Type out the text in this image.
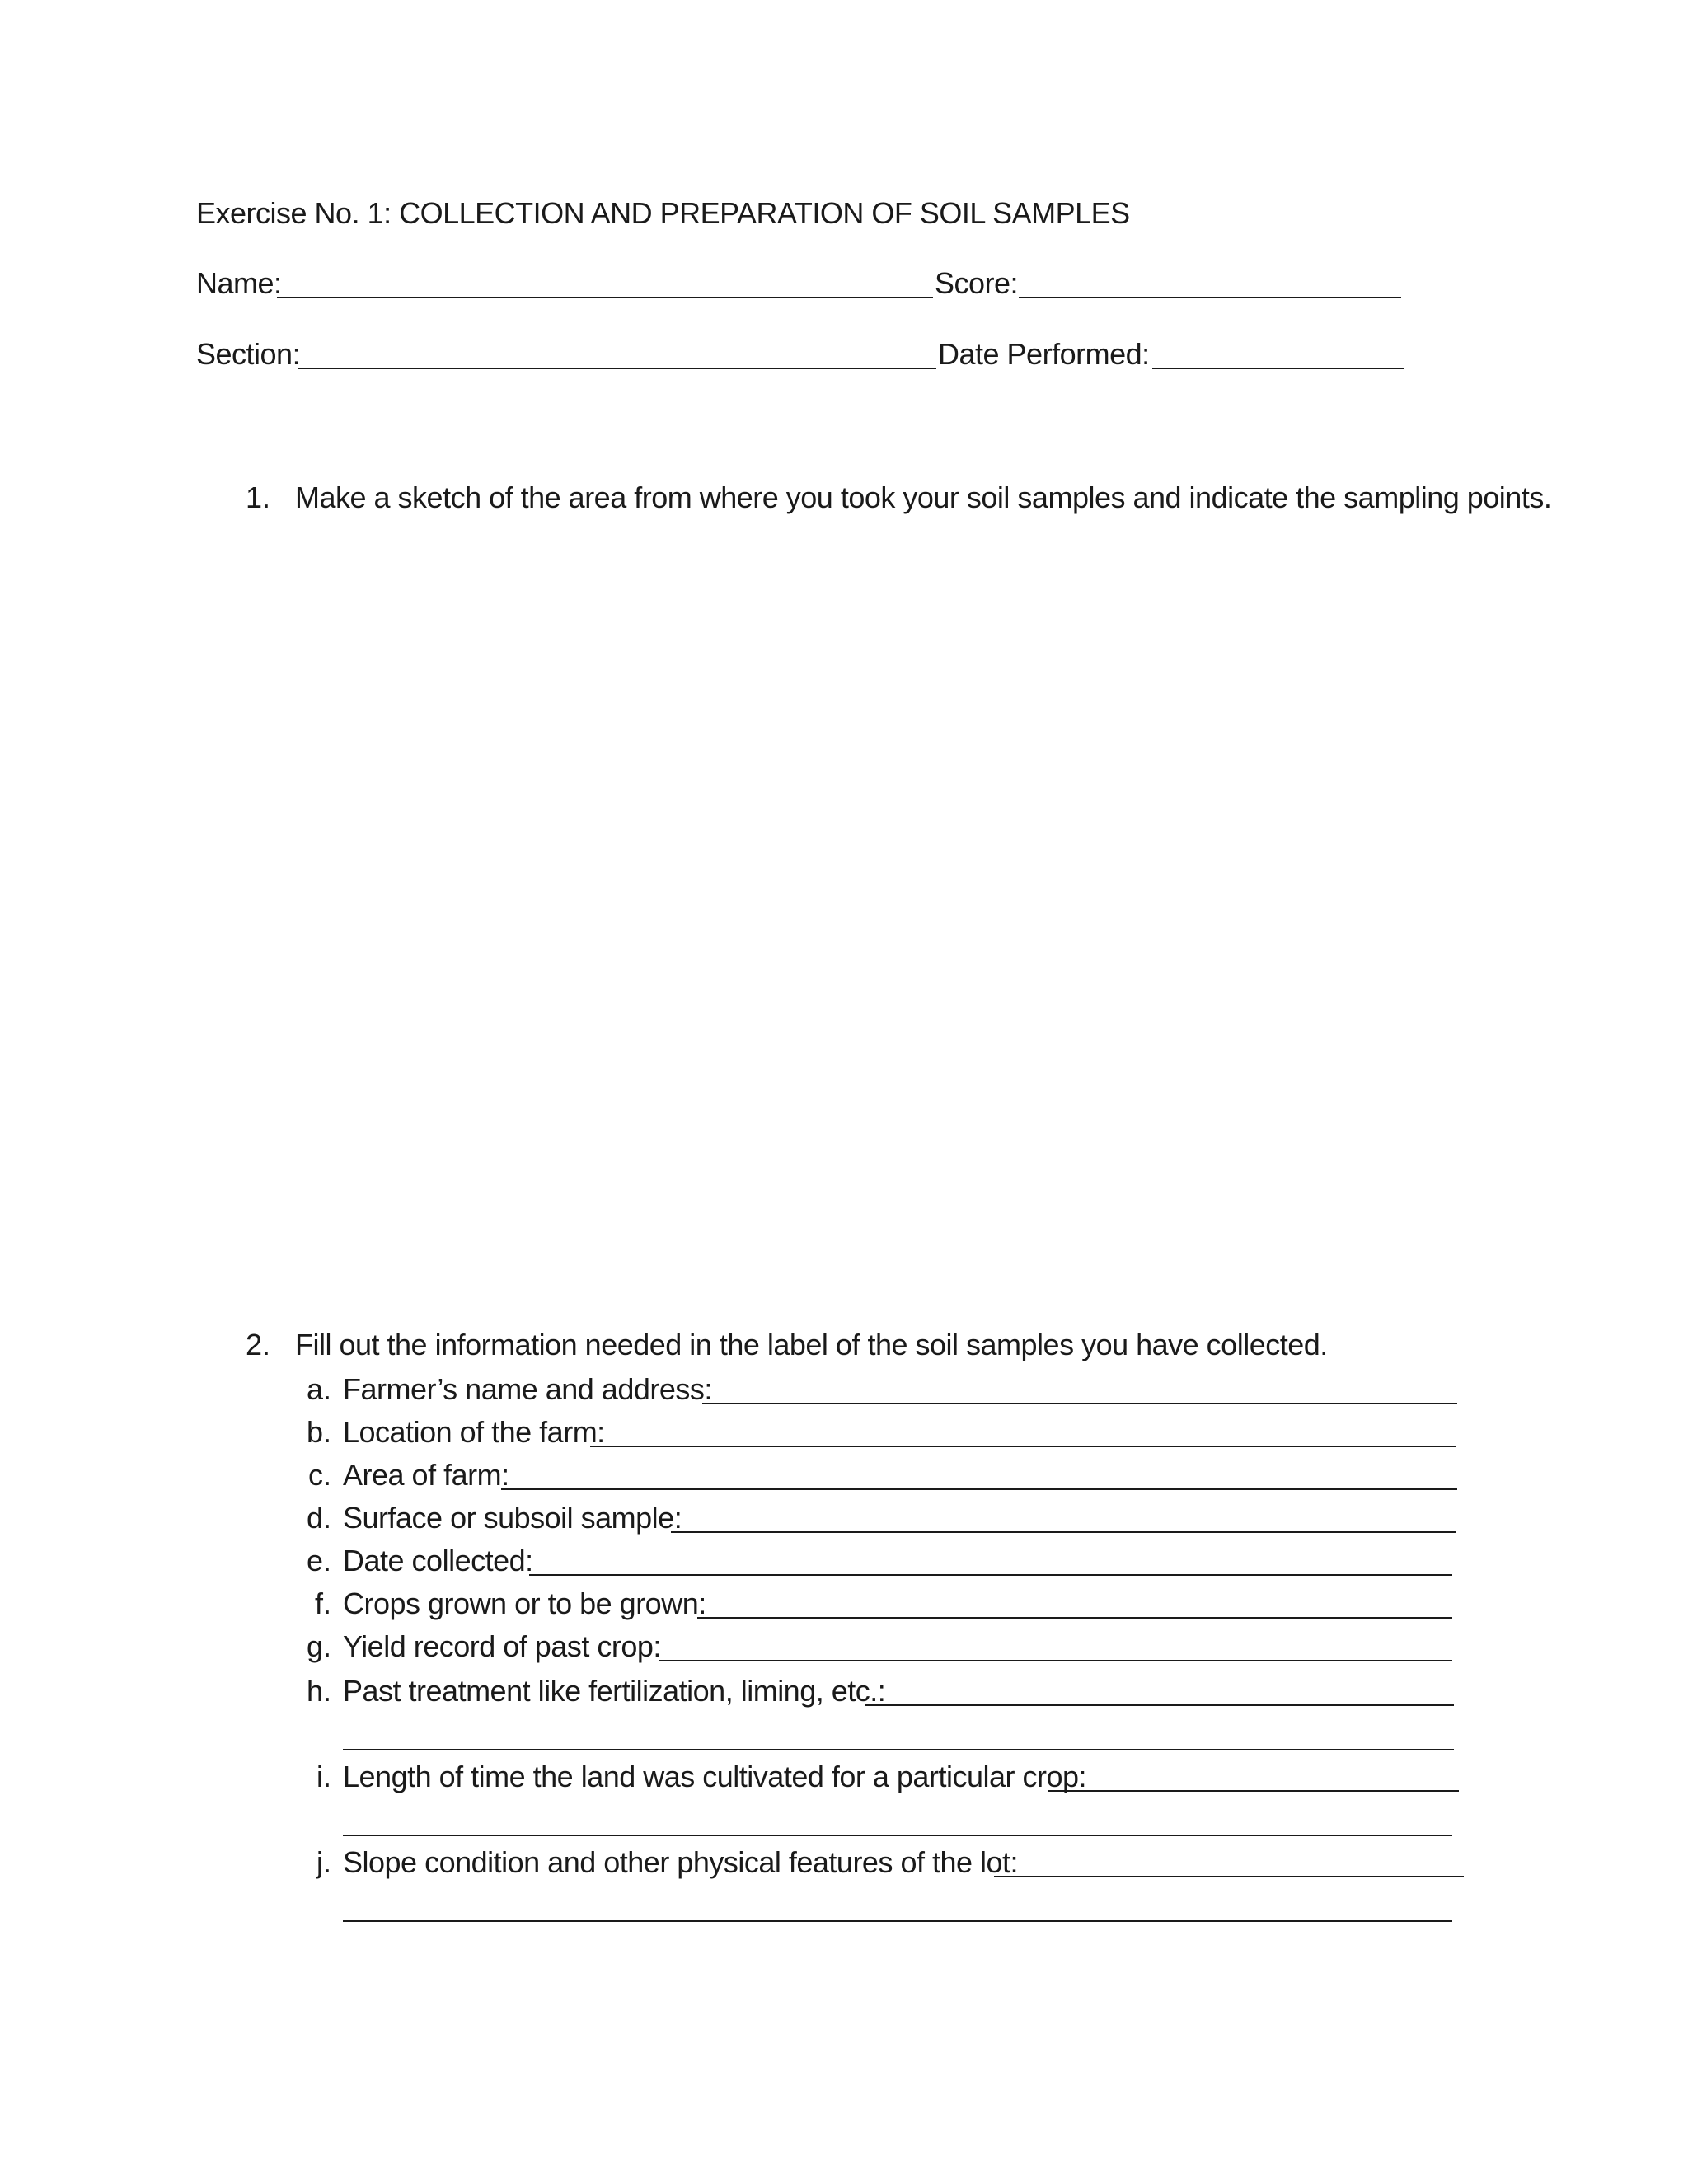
Exercise No. 1: COLLECTION AND PREPARATION OF SOIL SAMPLES
Name:	Score:
Section:	Date Performed:
1. Make a sketch of the area from where you took your soil samples and indicate the sampling points.
2. Fill out the information needed in the label of the soil samples you have collected.
a. Farmer’s name and address:
b. Location of the farm:
c. Area of farm:
d. Surface or subsoil sample:
e. Date collected:
f. Crops grown or to be grown:
g. Yield record of past crop:
h. Past treatment like fertilization, liming, etc.:
i. Length of time the land was cultivated for a particular crop:
j. Slope condition and other physical features of the lot:
